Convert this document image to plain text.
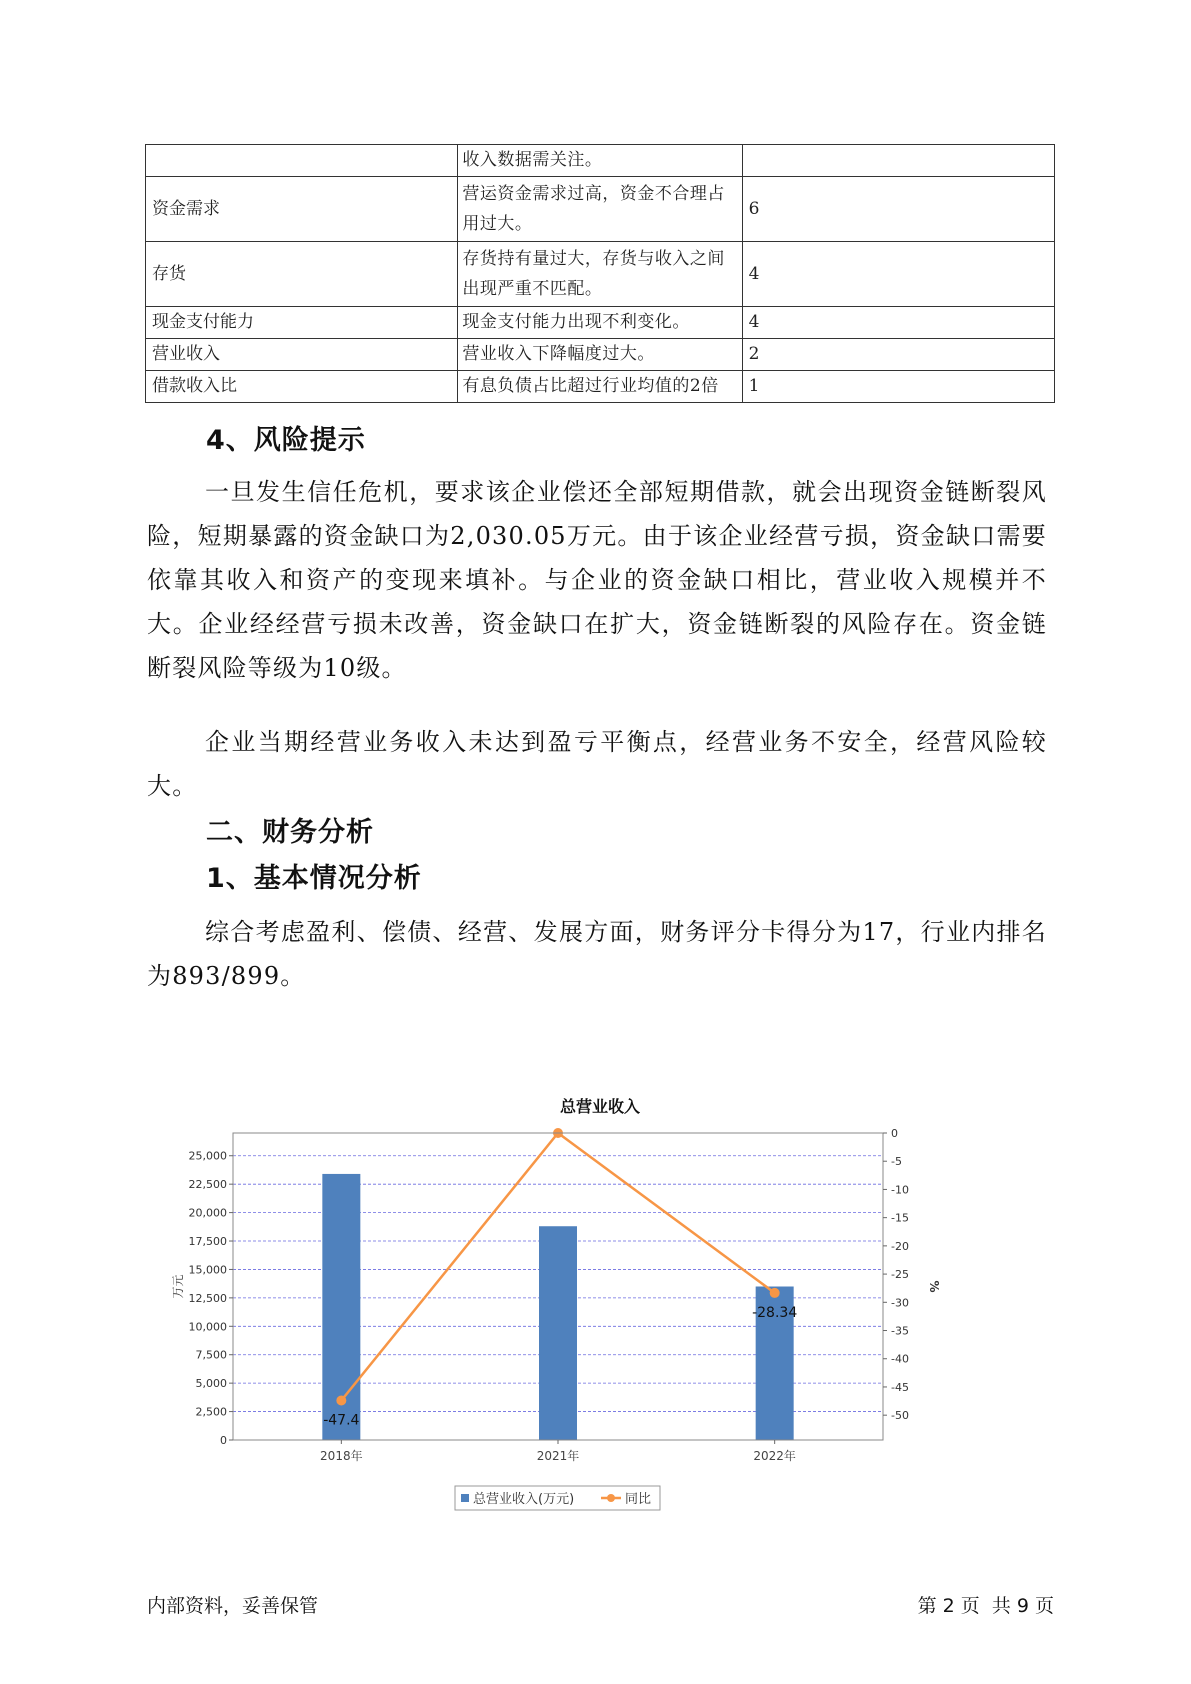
	收入数据需关注。	

资金需求	营运资金需求过高，资金不合理占用过大。	6
存货	存货持有量过大，存货与收入之间出现严重不匹配。	4
现金支付能力	现金支付能力出现不利变化。	4
营业收入	营业收入下降幅度过大。	2
借款收入比	有息负债占比超过行业均值的2倍	1
4、风险提示
一旦发生信任危机，要求该企业偿还全部短期借款，就会出现资金链断裂风险，短期暴露的资金缺口为2,030.05万元。由于该企业经营亏损，资金缺口需要依靠其收入和资产的变现来填补。与企业的资金缺口相比，营业收入规模并不大。企业经经营亏损未改善，资金缺口在扩大，资金链断裂的风险存在。资金链断裂风险等级为10级。
企业当期经营业务收入未达到盈亏平衡点，经营业务不安全，经营风险较大。
二、财务分析
1、基本情况分析
综合考虑盈利、偿债、经营、发展方面，财务评分卡得分为17，行业内排名为893/899。
总营业收入
-47.4
-28.34
0
2,500
5,000
7,500
10,000
12,500
15,000
17,500
20,000
22,500
25,000
0
-5
-10
-15
-20
-25
-30
-35
-40
-45
-50
万元	%
2018年	2021年	2022年
总营业收入(万元)	同比
内部资料，妥善保管	第 2 页  共 9 页
